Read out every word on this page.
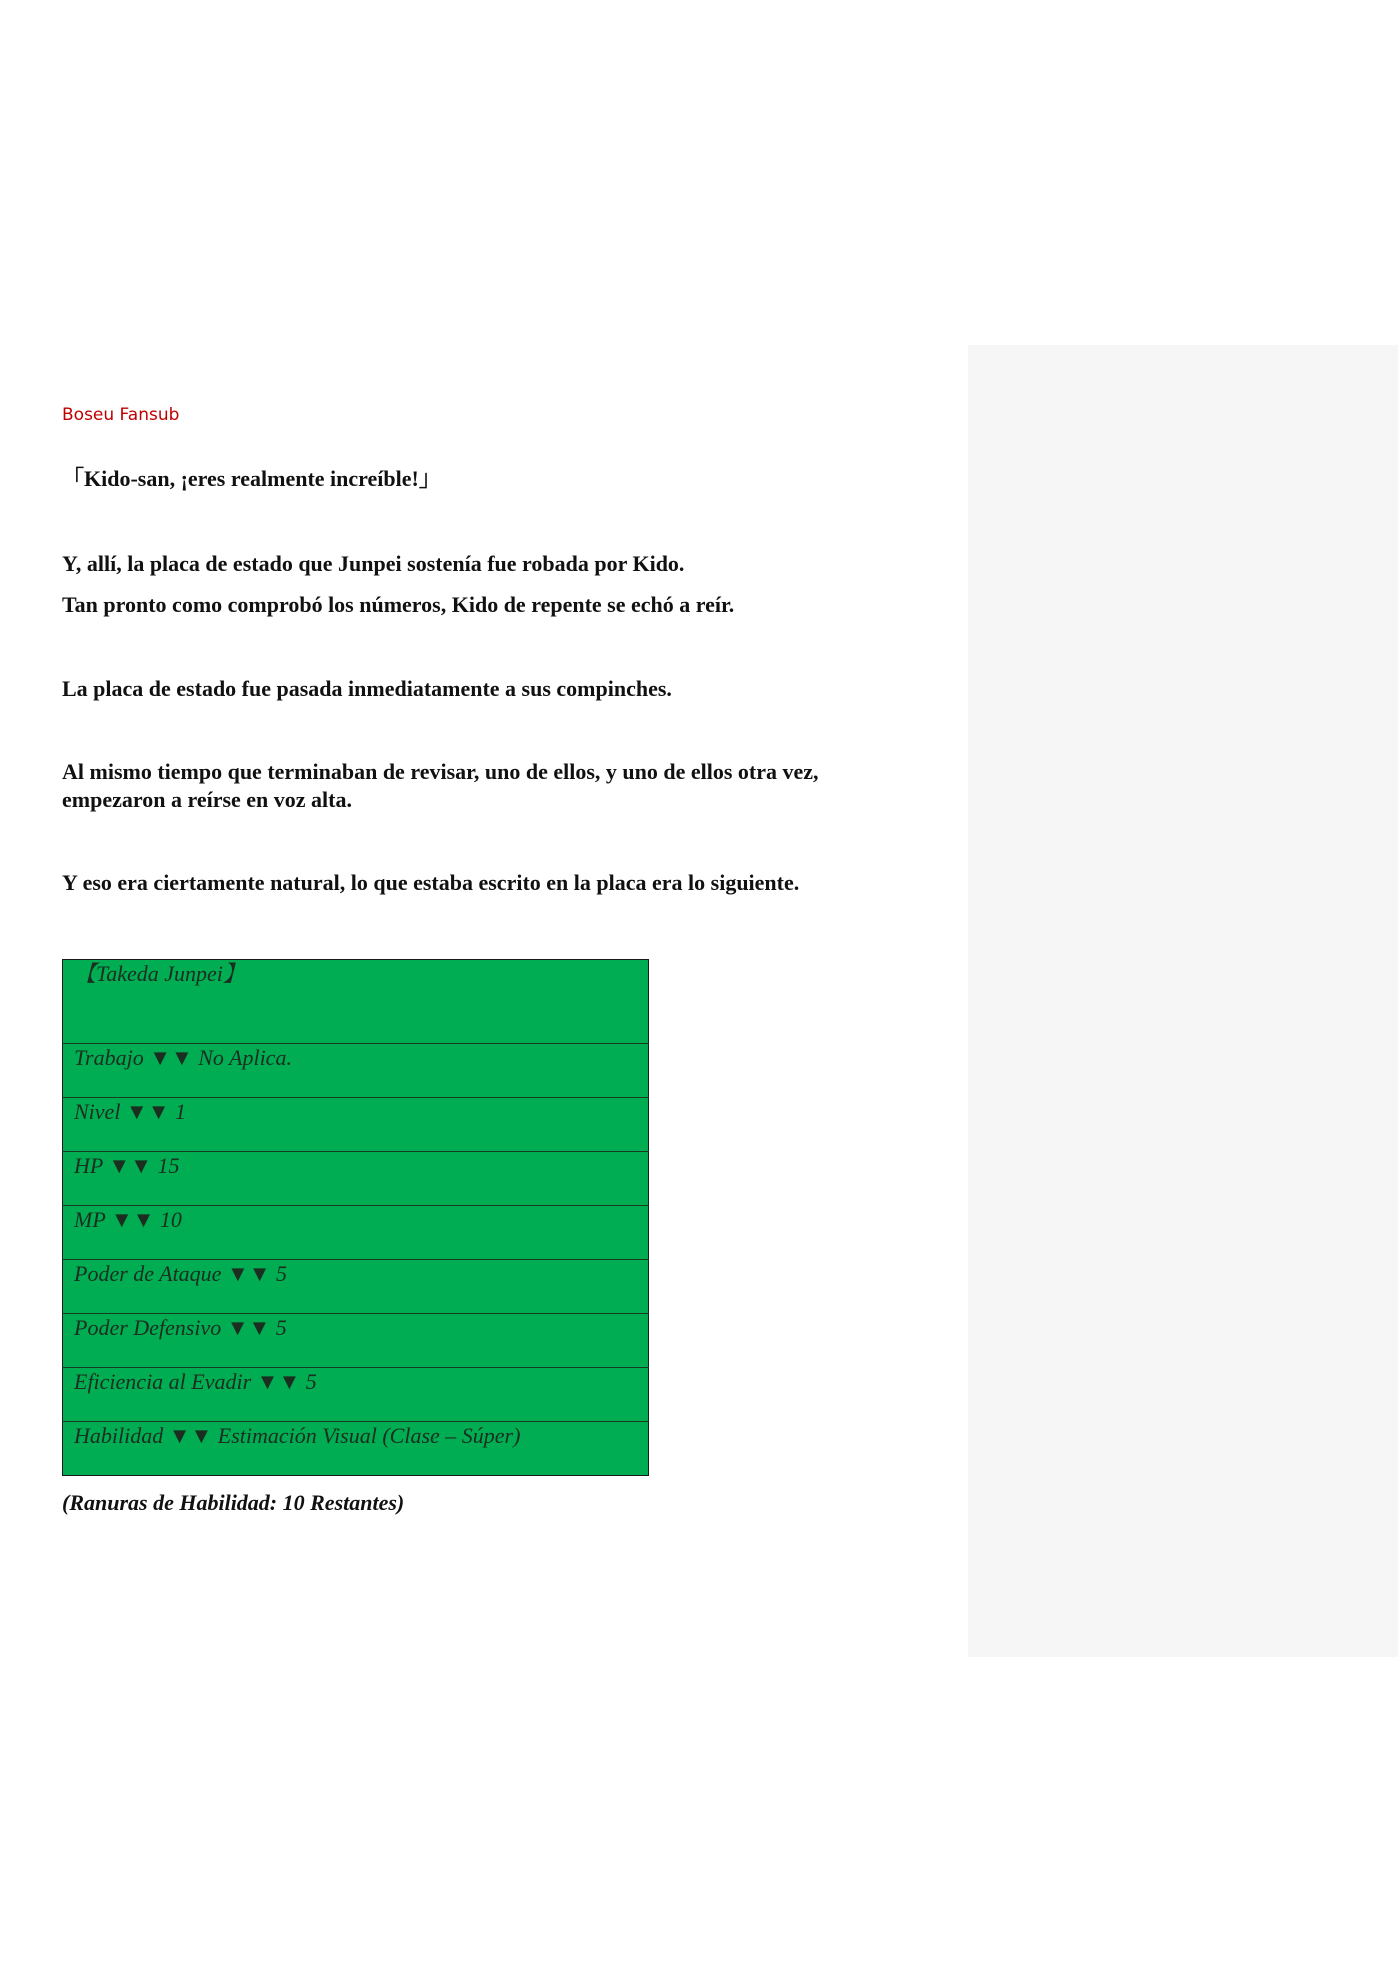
Boseu Fansub

「Kido-san, ¡eres realmente increíble!」

Y, allí, la placa de estado que Junpei sostenía fue robada por Kido.

Tan pronto como comprobó los números, Kido de repente se echó a reír.

La placa de estado fue pasada inmediatamente a sus compinches.

Al mismo tiempo que terminaban de revisar, uno de ellos, y uno de ellos otra vez, empezaron a reírse en voz alta.

Y eso era ciertamente natural, lo que estaba escrito en la placa era lo siguiente.

【Takeda Junpei】
Trabajo ▼▼ No Aplica.
Nivel ▼▼ 1
HP ▼▼ 15
MP ▼▼ 10
Poder de Ataque ▼▼ 5
Poder Defensivo ▼▼ 5
Eficiencia al Evadir ▼▼ 5
Habilidad ▼▼ Estimación Visual (Clase – Súper)
(Ranuras de Habilidad: 10 Restantes)
